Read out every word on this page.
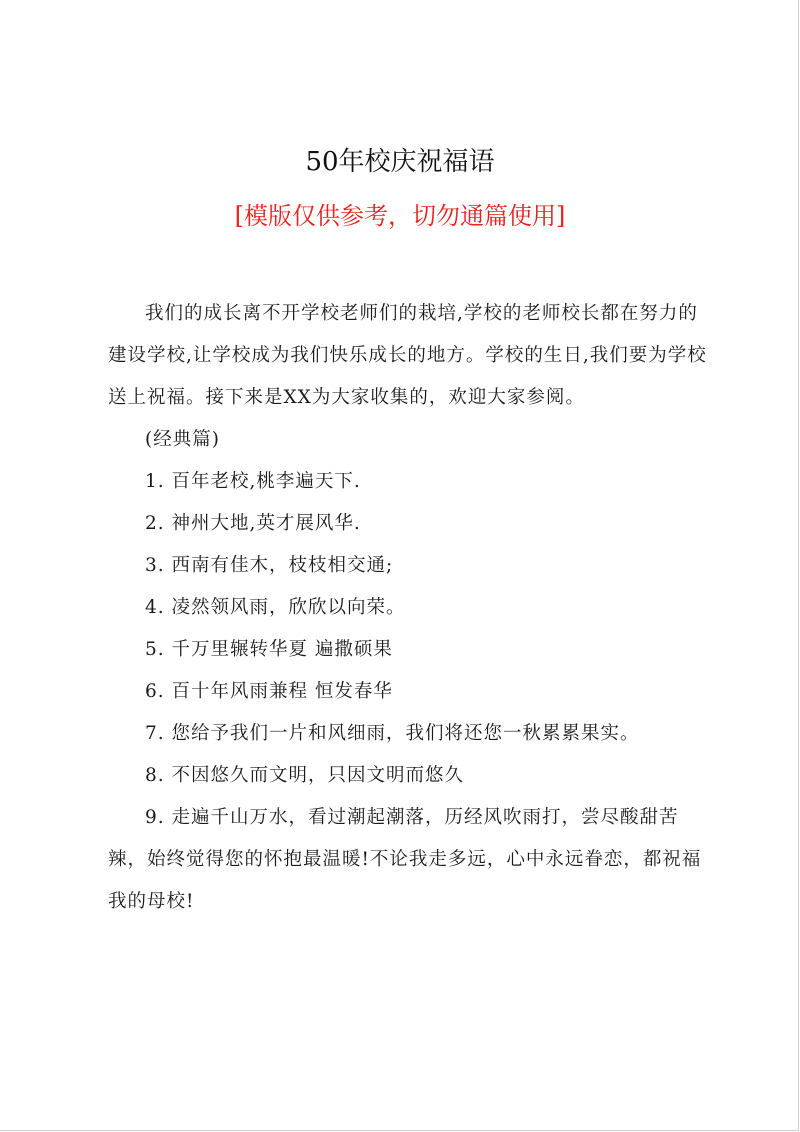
50年校庆祝福语
[模版仅供参考，切勿通篇使用]

我们的成长离不开学校老师们的栽培,学校的老师校长都在努力的建设学校,让学校成为我们快乐成长的地方。学校的生日,我们要为学校送上祝福。接下来是XX为大家收集的，欢迎大家参阅。

(经典篇)

1. 百年老校,桃李遍天下.

2. 神州大地,英才展风华.

3. 西南有佳木，枝枝相交通;

4. 凌然领风雨，欣欣以向荣。

5. 千万里辗转华夏 遍撒硕果

6. 百十年风雨兼程 恒发春华

7. 您给予我们一片和风细雨，我们将还您一秋累累果实。

8. 不因悠久而文明，只因文明而悠久

9. 走遍千山万水，看过潮起潮落，历经风吹雨打，尝尽酸甜苦辣，始终觉得您的怀抱最温暖!不论我走多远，心中永远眷恋，都祝福我的母校!
